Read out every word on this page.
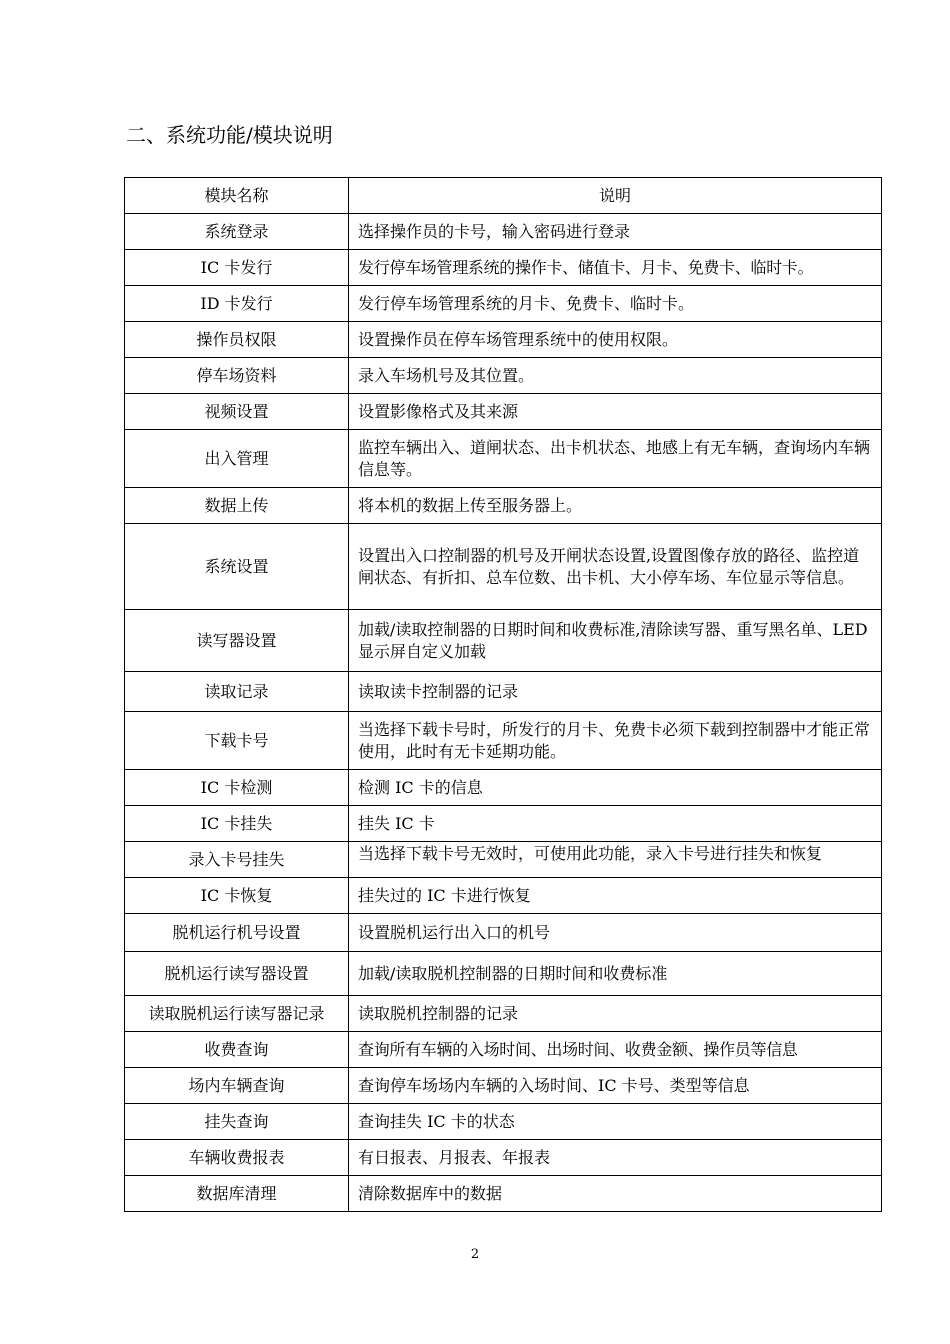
二、系统功能/模块说明
模块名称	说明
系统登录	选择操作员的卡号，输入密码进行登录
IC 卡发行	发行停车场管理系统的操作卡、储值卡、月卡、免费卡、临时卡。
ID 卡发行	发行停车场管理系统的月卡、免费卡、临时卡。
操作员权限	设置操作员在停车场管理系统中的使用权限。
停车场资料	录入车场机号及其位置。
视频设置	设置影像格式及其来源
出入管理	监控车辆出入、道闸状态、出卡机状态、地感上有无车辆，查询场内车辆信息等。
数据上传	将本机的数据上传至服务器上。
系统设置	设置出入口控制器的机号及开闸状态设置,设置图像存放的路径、监控道闸状态、有折扣、总车位数、出卡机、大小停车场、车位显示等信息。
读写器设置	加载/读取控制器的日期时间和收费标准,清除读写器、重写黑名单、LED 显示屏自定义加载
读取记录	读取读卡控制器的记录
下载卡号	当选择下载卡号时，所发行的月卡、免费卡必须下载到控制器中才能正常使用，此时有无卡延期功能。
IC 卡检测	检测 IC 卡的信息
IC 卡挂失	挂失 IC 卡
录入卡号挂失	当选择下载卡号无效时，可使用此功能，录入卡号进行挂失和恢复

IC 卡恢复	挂失过的 IC 卡进行恢复
脱机运行机号设置	设置脱机运行出入口的机号
脱机运行读写器设置	加载/读取脱机控制器的日期时间和收费标准
读取脱机运行读写器记录	读取脱机控制器的记录
收费查询	查询所有车辆的入场时间、出场时间、收费金额、操作员等信息
场内车辆查询	查询停车场场内车辆的入场时间、IC 卡号、类型等信息
挂失查询	查询挂失 IC 卡的状态
车辆收费报表	有日报表、月报表、年报表
数据库清理	清除数据库中的数据
2
